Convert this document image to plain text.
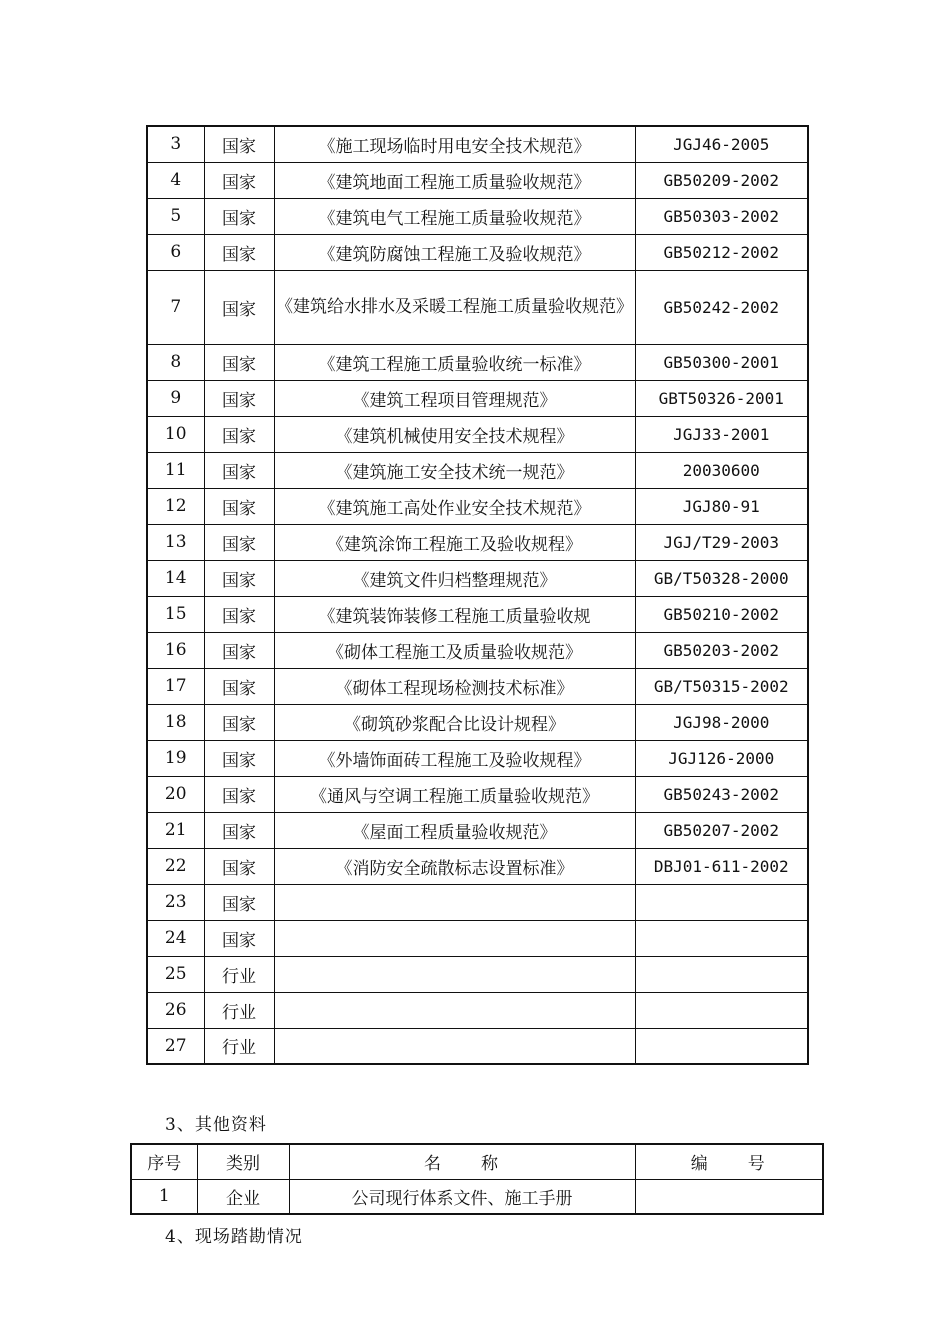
3	国家	《施工现场临时用电安全技术规范》	JGJ46-2005
4	国家	《建筑地面工程施工质量验收规范》	GB50209-2002
5	国家	《建筑电气工程施工质量验收规范》	GB50303-2002
6	国家	《建筑防腐蚀工程施工及验收规范》	GB50212-2002
7	国家	《建筑给水排水及采暖工程施工质量验收规范》	GB50242-2002
8	国家	《建筑工程施工质量验收统一标准》	GB50300-2001
9	国家	《建筑工程项目管理规范》	GBT50326-2001
10	国家	《建筑机械使用安全技术规程》	JGJ33-2001
11	国家	《建筑施工安全技术统一规范》	20030600
12	国家	《建筑施工高处作业安全技术规范》	JGJ80-91
13	国家	《建筑涂饰工程施工及验收规程》	JGJ/T29-2003
14	国家	《建筑文件归档整理规范》	GB/T50328-2000
15	国家	《建筑装饰装修工程施工质量验收规	GB50210-2002
16	国家	《砌体工程施工及质量验收规范》	GB50203-2002
17	国家	《砌体工程现场检测技术标准》	GB/T50315-2002
18	国家	《砌筑砂浆配合比设计规程》	JGJ98-2000
19	国家	《外墙饰面砖工程施工及验收规程》	JGJ126-2000
20	国家	《通风与空调工程施工质量验收规范》	GB50243-2002
21	国家	《屋面工程质量验收规范》	GB50207-2002
22	国家	《消防安全疏散标志设置标准》	DBJ01-611-2002
23	国家		
24	国家		
25	行业		
26	行业		
27	行业		
3、其他资料
序号	类别	名　　称	编　　号
1	企业	公司现行体系文件、施工手册	
4、现场踏勘情况
